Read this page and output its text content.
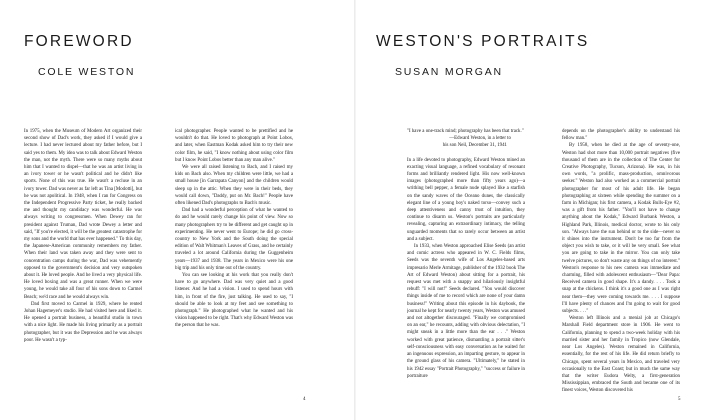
FOREWORD
COLE WESTON

In 1975, when the Museum of Modern Art organized their second show of Dad's work, they asked if I would give a lecture. I had never lectured about my father before, but I said yes to them. My idea was to talk about Edward Weston the man, not the myth. There were so many myths about him that I wanted to dispel—that he was an artist living in an ivory tower or he wasn't political and he didn't like sports. None of this was true. He wasn't a recluse in an ivory tower. Dad was never as far left as Tina [Modotti], but he was not apolitical. In 1948, when I ran for Congress on the Independent Progressive Party ticket, he really backed me and thought my candidacy was wonderful. He was always writing to congressmen. When Dewey ran for president against Truman, Dad wrote Dewey a letter and said, "If you're elected, it will be the greatest catastrophe for my sons and the world that has ever happened." To this day, the Japanese-American community remembers my father. When their land was taken away and they were sent to concentration camps during the war, Dad was vehemently opposed to the government's decision and very outspoken about it. He loved people. And he lived a very physical life. He loved boxing and was a great runner. When we were young, he would take all four of his sons down to Carmel Beach; we'd race and he would always win.

Dad first moved to Carmel in 1929, where he rented Johan Hagemeyer's studio. He had visited here and liked it. He opened a portrait business, a beautiful studio in town with a nice light. He made his living primarily as a portrait photographer, but it was the Depression and he was always poor. He wasn't a typ-

ical photographer. People wanted to be prettified and he wouldn't do that. He loved to photograph at Point Lobos, and later, when Eastman Kodak asked him to try their new color film, he said, "I know nothing about using color film but I know Point Lobos better than any man alive."

We were all raised listening to Bach, and I raised my kids on Bach also. When my children were little, we had a small house [in Garrapata Canyon] and the children would sleep up in the attic. When they were in their beds, they would call down, "Daddy, put on Mr. Bach!" People have often likened Dad's photographs to Bach's music.

Dad had a wonderful perception of what he wanted to do and he would rarely change his point of view. Now so many photographers try to be different and get caught up in experimenting. He never went to Europe; he did go cross-country to New York and the South doing the special edition of Walt Whitman's Leaves of Grass, and he certainly traveled a lot around California during the Guggenheim years—1937 and 1938. The years in Mexico were his one big trip and his only time out of the country.

You can see looking at his work that you really don't have to go anywhere. Dad was very quiet and a good listener. And he had a vision. I used to spend hours with him, in front of the fire, just talking. He used to say, "I should be able to look at my feet and see something to photograph." He photographed what he wanted and his vision happened to be right. That's why Edward Weston was the person that he was.

4
WESTON'S PORTRAITS
SUSAN MORGAN

"I have a one-track mind; photography has been that track."

—Edward Weston, in a letter to

his son Neil, December 31, 1941

In a life devoted to photography, Edward Weston mined an exacting visual language, a refined vocabulary of resonant forms and brilliantly rendered light. His now well-known images (photographed more than fifty years ago)—a writhing bell pepper, a female nude splayed like a starfish on the sandy waves of the Oceano dunes, the classically elegant line of a young boy's naked torso—convey such a deep attentiveness and canny trust of intuition, they continue to disarm us. Weston's portraits are particularly revealing, capturing an extraordinary intimacy, the telling unguarded moments that so rarely occur between an artist and a subject.

In 1933, when Weston approached Elise Seeds (an artist and comic actress who appeared in W. C. Fields films, Seeds was the seventh wife of Los Angeles-based arts impresario Merle Armitage, publisher of the 1932 book The Art of Edward Weston) about sitting for a portrait, his request was met with a snappy and hilariously insightful rebuff: "I will not!" Seeds declared. "You would discover things inside of me to record which are none of your damn business!" Writing about this episode in his daybook, the journal he kept for nearly twenty years, Weston was amused and not altogether discouraged. "Finally we compromised on an ear," he recounts, adding with obvious delectation, "I might sneak in a little more than the ear . . ." Weston worked with great patience, dismantling a portrait sitter's self-consciousness with easy conversation as he waited for an ingenuous expression, an imparting gesture, to appear in the ground glass of his camera. "Ultimately," he stated in his 1942 essay "Portrait Photography," "success or failure in portraiture

depends on the photographer's ability to understand his fellow man."

By 1958, when he died at the age of seventy-one, Weston had shot more than 10,000 portrait negatives (five thousand of them are in the collection of The Center for Creative Photography, Tucson, Arizona). He was, in his own words, "a prolific, mass-production, omnivorous seeker." Weston had also worked as a commercial portrait photographer for most of his adult life. He began photographing at sixteen while spending the summer on a farm in Michigan; his first camera, a Kodak Bulls-Eye #2, was a gift from his father. "You'll not have to change anything about the Kodak," Edward Burbank Weston, a Highland Park, Illinois, medical doctor, wrote to his only son. "Always have the sun behind or to the side—never so it shines into the instrument. Don't be too far from the object you wish to take, or it will be very small. See what you are going to take in the mirror. You can only take twelve pictures, so don't waste any on things of no interest." Weston's response to his new camera was immediate and charming, filled with adolescent enthusiasm—"Dear Papa: Received camera in good shape. It's a dandy. . . . Took a snap at the chickens. I think it's a good one as I was right near them—they were coming towards me. . . . I suppose I'll have plenty of chances and I'm going to wait for good subjects. . . ."

Weston left Illinois and a menial job at Chicago's Marshall Field department store in 1906. He went to California, planning to spend a two-week holiday with his married sister and her family in Tropico (now Glendale, near Los Angeles). Weston remained in California, essentially, for the rest of his life. He did return briefly to Chicago, spent several years in Mexico, and traveled very occasionally to the East Coast; but in much the same way that the writer Eudora Welty, a first-generation Mississippian, embraced the South and became one of its finest voices, Weston discovered his

5
